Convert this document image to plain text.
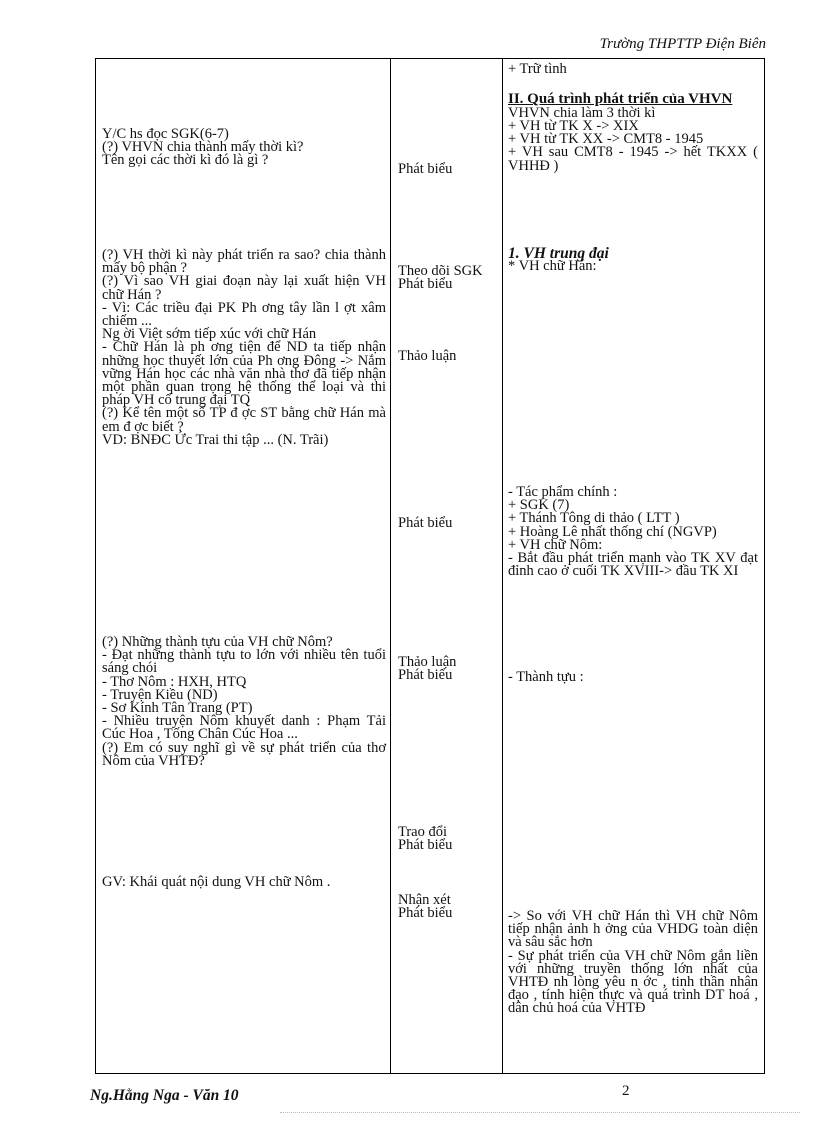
Trường THPTTP Điện Biên

Y/C hs đọc SGK(6-7)

(?) VHVN chia thành mấy thời kì?

Tên gọi các thời kì đó là gì ?

(?) VH thời kì này phát triển ra sao? chia thành mấy bộ phận ?

(?) Vì sao VH giai đoạn này lại xuất hiện VH chữ Hán ?

- Vì: Các triều đại PK Ph ơng tây lần l ợt xâm chiếm ...

Ng ời Việt sớm tiếp xúc với chữ Hán

- Chữ Hán là ph ơng tiện để ND ta tiếp nhận những học thuyết lớn của Ph ơng Đông -> Nắm vững Hán học các nhà văn nhà thơ đã tiếp nhận một phần quan trọng hệ thống thể loại và thi pháp VH cổ trung đại TQ

(?) Kể tên một số TP đ ợc ST bằng chữ Hán mà em đ ợc biết ?

VD: BNĐC Ức Trai thi tập ... (N. Trãi)

(?) Những thành tựu của VH chữ Nôm?

- Đạt những thành tựu to lớn với nhiều tên tuổi sáng chói

- Thơ Nôm : HXH, HTQ

- Truyện Kiều (ND)

- Sơ Kính Tân Trang (PT)

- Nhiều truyện Nôm khuyết danh : Phạm Tải Cúc Hoa , Tống Chân Cúc Hoa ...

(?) Em có suy nghĩ gì về sự phát triển của thơ Nôm của VHTĐ?

GV: Khái quát nội dung VH chữ Nôm .

Phát biểu

Theo dõi SGK

Phát biểu

Thảo luận

Phát biểu

Thảo luận

Phát biểu

Trao đổi

Phát biểu

Nhận xét

Phát biểu

+ Trữ tình

II. Quá trình phát triển của VHVN

VHVN chia làm 3 thời kì

+ VH từ TK X -> XIX

+ VH từ TK XX -> CMT8 - 1945

+ VH sau CMT8 - 1945 -> hết TKXX ( VHHĐ )

1. VH trung đại

* VH chữ Hán:

- Tác phẩm chính :

+ SGK (7)

+ Thánh Tông di thảo ( LTT )

+ Hoàng Lê nhất thống chí (NGVP)

+ VH chữ Nôm:

- Bắt đầu phát triển mạnh vào TK XV đạt đỉnh cao ở cuối TK XVIII-> đầu TK XI

- Thành tựu :

-> So với VH chữ Hán thì VH chữ Nôm tiếp nhận ảnh h ởng của VHDG toàn diện và sâu sắc hơn

- Sự phát triển của VH chữ Nôm gắn liền với những truyền thống lớn nhất của VHTĐ nh lòng yêu n ớc , tinh thần nhân đạo , tính hiện thực và quá trình DT hoá , dân chủ hoá của VHTĐ

Ng.Hằng Nga - Văn 10	2
